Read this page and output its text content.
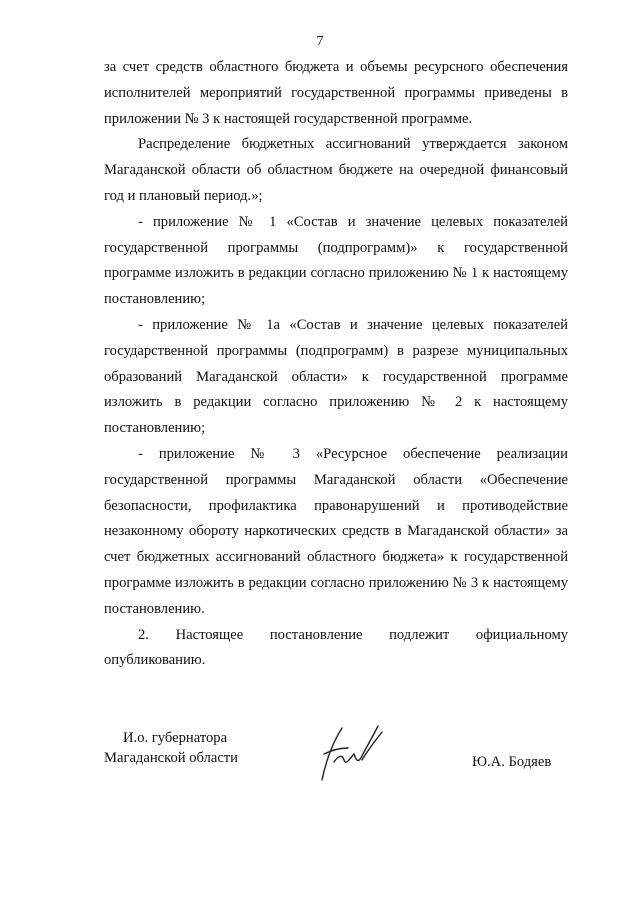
7

за счет средств областного бюджета и объемы ресурсного обеспечения исполнителей мероприятий государственной программы приведены в приложении № 3 к настоящей государственной программе.

Распределение бюджетных ассигнований утверждается законом Магаданской области об областном бюджете на очередной финансовый год и плановый период.»;

- приложение № 1 «Состав и значение целевых показателей государственной программы (подпрограмм)» к государственной программе изложить в редакции согласно приложению № 1 к настоящему постановлению;

- приложение № 1а «Состав и значение целевых показателей государственной программы (подпрограмм) в разрезе муниципальных образований Магаданской области» к государственной программе изложить в редакции согласно приложению № 2 к настоящему постановлению;

- приложение № 3 «Ресурсное обеспечение реализации государственной программы Магаданской области «Обеспечение безопасности, профилактика правонарушений и противодействие незаконному обороту наркотических средств в Магаданской области» за счет бюджетных ассигнований областного бюджета» к государственной программе изложить в редакции согласно приложению № 3 к настоящему постановлению.

2. Настоящее постановление подлежит официальному опубликованию.

И.о. губернатора
Магаданской области	Ю.А. Бодяев
